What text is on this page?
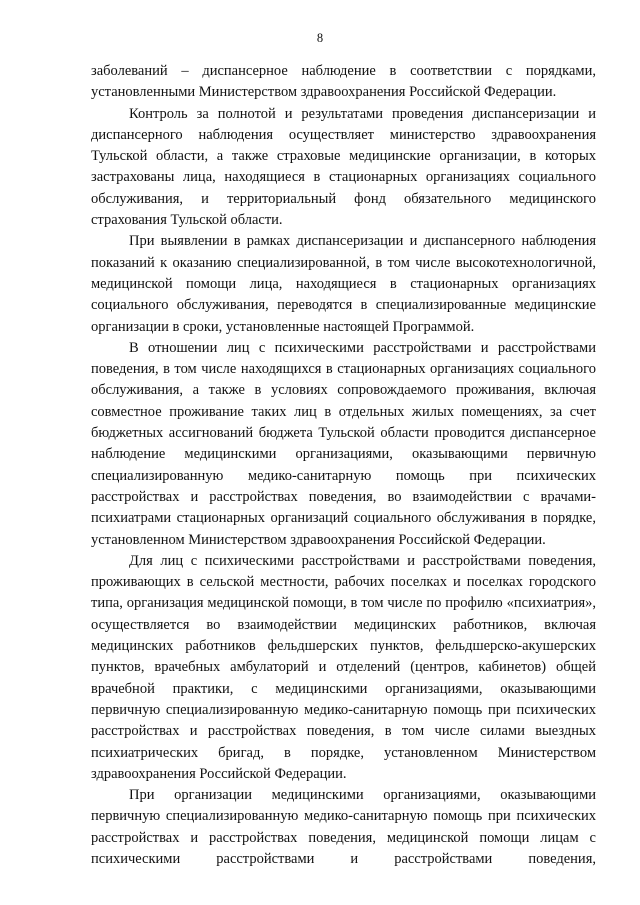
8

заболеваний – диспансерное наблюдение в соответствии с порядками, установленными Министерством здравоохранения Российской Федерации.

Контроль за полнотой и результатами проведения диспансеризации и диспансерного наблюдения осуществляет министерство здравоохранения Тульской области, а также страховые медицинские организации, в которых застрахованы лица, находящиеся в стационарных организациях социального обслуживания, и территориальный фонд обязательного медицинского страхования Тульской области.

При выявлении в рамках диспансеризации и диспансерного наблюдения показаний к оказанию специализированной, в том числе высокотехнологичной, медицинской помощи лица, находящиеся в стационарных организациях социального обслуживания, переводятся в специализированные медицинские организации в сроки, установленные настоящей Программой.

В отношении лиц с психическими расстройствами и расстройствами поведения, в том числе находящихся в стационарных организациях социального обслуживания, а также в условиях сопровождаемого проживания, включая совместное проживание таких лиц в отдельных жилых помещениях, за счет бюджетных ассигнований бюджета Тульской области проводится диспансерное наблюдение медицинскими организациями, оказывающими первичную специализированную медико-санитарную помощь при психических расстройствах и расстройствах поведения, во взаимодействии с врачами-психиатрами стационарных организаций социального обслуживания в порядке, установленном Министерством здравоохранения Российской Федерации.

Для лиц с психическими расстройствами и расстройствами поведения, проживающих в сельской местности, рабочих поселках и поселках городского типа, организация медицинской помощи, в том числе по профилю «психиатрия», осуществляется во взаимодействии медицинских работников, включая медицинских работников фельдшерских пунктов, фельдшерско-акушерских пунктов, врачебных амбулаторий и отделений (центров, кабинетов) общей врачебной практики, с медицинскими организациями, оказывающими первичную специализированную медико-санитарную помощь при психических расстройствах и расстройствах поведения, в том числе силами выездных психиатрических бригад, в порядке, установленном Министерством здравоохранения Российской Федерации.

При организации медицинскими организациями, оказывающими первичную специализированную медико-санитарную помощь при психических расстройствах и расстройствах поведения, медицинской помощи лицам с психическими расстройствами и расстройствами поведения,
